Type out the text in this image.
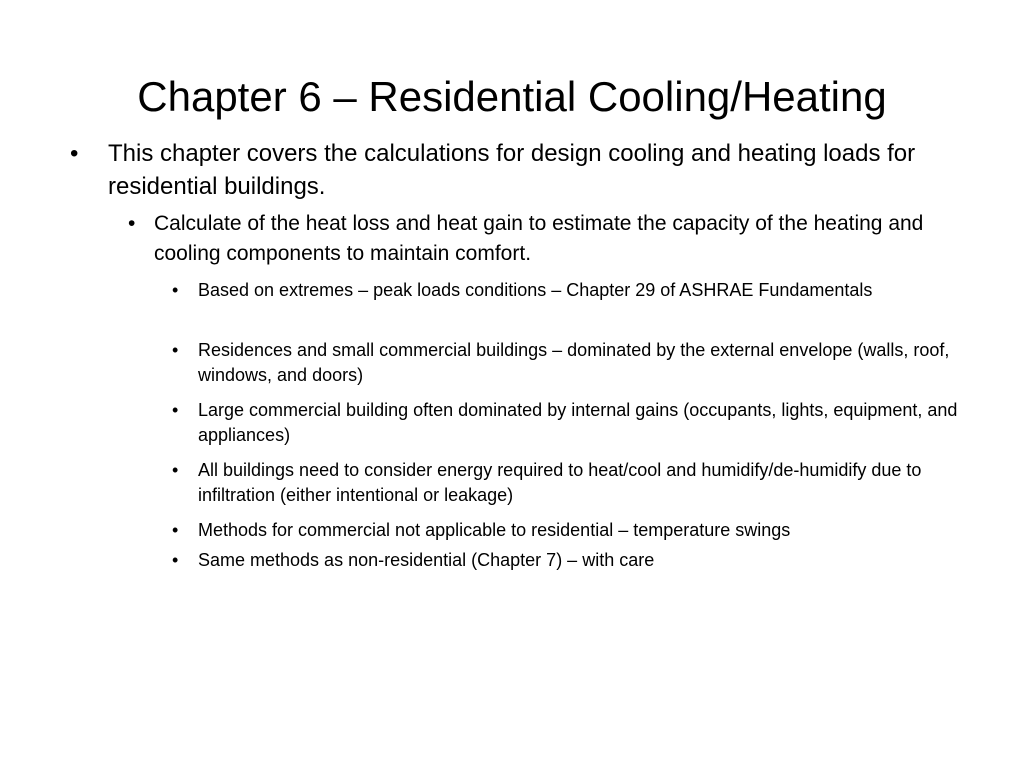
Chapter 6 – Residential Cooling/Heating
• This chapter covers the calculations for design cooling and heating loads for residential buildings.
• Calculate of the heat loss and heat gain to estimate the capacity of the heating and cooling components to maintain comfort.
• Based on extremes – peak loads conditions – Chapter 29 of ASHRAE Fundamentals
• Residences and small commercial buildings – dominated by the external envelope (walls, roof, windows, and doors)
• Large commercial building often dominated by internal gains (occupants, lights, equipment, and appliances)
• All buildings need to consider energy required to heat/cool and humidify/de-humidify due to infiltration (either intentional or leakage)
• Methods for commercial not applicable to residential – temperature swings
• Same methods as non-residential (Chapter 7) – with care
